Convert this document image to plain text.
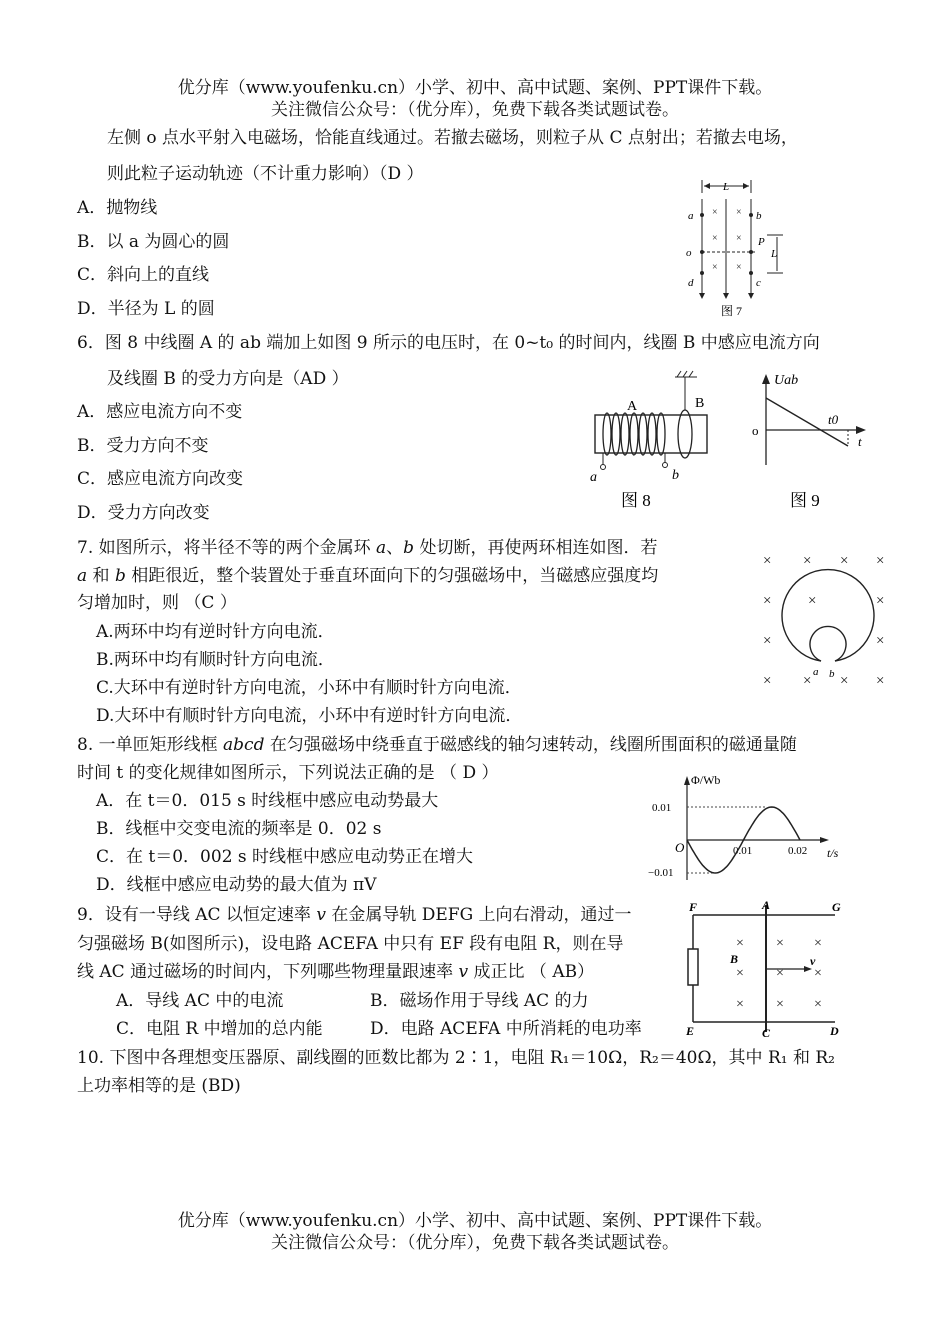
优分库（www.youfenku.cn）小学、初中、高中试题、案例、PPT课件下载。
关注微信公众号：（优分库），免费下载各类试题试卷。
左侧 o 点水平射入电磁场，恰能直线通过。若撤去磁场，则粒子从 C 点射出；若撤去电场，
则此粒子运动轨迹（不计重力影响）（D ）
A．抛物线
B．以 a 为圆心的圆
C．斜向上的直线
D．半径为 L 的圆
L
× ×
× ×
× ×
a	b
o
P
d	c
L
图 7
6．图 8 中线圈 A 的 ab 端加上如图 9 所示的电压时，在 0~t₀ 的时间内，线圈 B 中感应电流方向
及线圈 B 的受力方向是（AD ）
A．感应电流方向不变
B．受力方向不变
C．感应电流方向改变
D．受力方向改变
A	B
a	b
图 8
Uab
o
t0
t
图 9
7. 如图所示，将半径不等的两个金属环 a、b 处切断，再使两环相连如图．若
a 和 b 相距很近，整个装置处于垂直环面向下的匀强磁场中，当磁感应强度均
匀增加时，则 （C ）
A.两环中均有逆时针方向电流．
B.两环中均有顺时针方向电流．
C.大环中有逆时针方向电流，小环中有顺时针方向电流．
D.大环中有顺时针方向电流，小环中有逆时针方向电流．
× × × ×
× ×	×
×	×
× × × ×
a b
8. 一单匝矩形线框 abcd 在匀强磁场中绕垂直于磁感线的轴匀速转动，线圈所围面积的磁通量随
时间 t 的变化规律如图所示，下列说法正确的是 （ D ）
A．在 t＝0．015 s 时线框中感应电动势最大
B．线框中交变电流的频率是 0．02 s
C．在 t＝0．002 s 时线框中感应电动势正在增大
D．线框中感应电动势的最大值为 πV
Φ/Wb
t/s
O
0.01
−0.01
0.01	0.02
9．设有一导线 AC 以恒定速率 v 在金属导轨 DEFG 上向右滑动，通过一
匀强磁场 B(如图所示)，设电路 ACEFA 中只有 EF 段有电阻 R，则在导
线 AC 通过磁场的时间内，下列哪些物理量跟速率 v 成正比 （ AB）
A．导线 AC 中的电流	B．磁场作用于导线 AC 的力
C．电阻 R 中增加的总内能	D．电路 ACEFA 中所消耗的电功率
× × ×
× × ×
× × ×
F	A	G
E	C	D
B	v
10. 下图中各理想变压器原、副线圈的匝数比都为 2∶1，电阻 R₁＝10Ω，R₂＝40Ω，其中 R₁ 和 R₂
上功率相等的是 (BD)
优分库（www.youfenku.cn）小学、初中、高中试题、案例、PPT课件下载。
关注微信公众号：（优分库），免费下载各类试题试卷。
